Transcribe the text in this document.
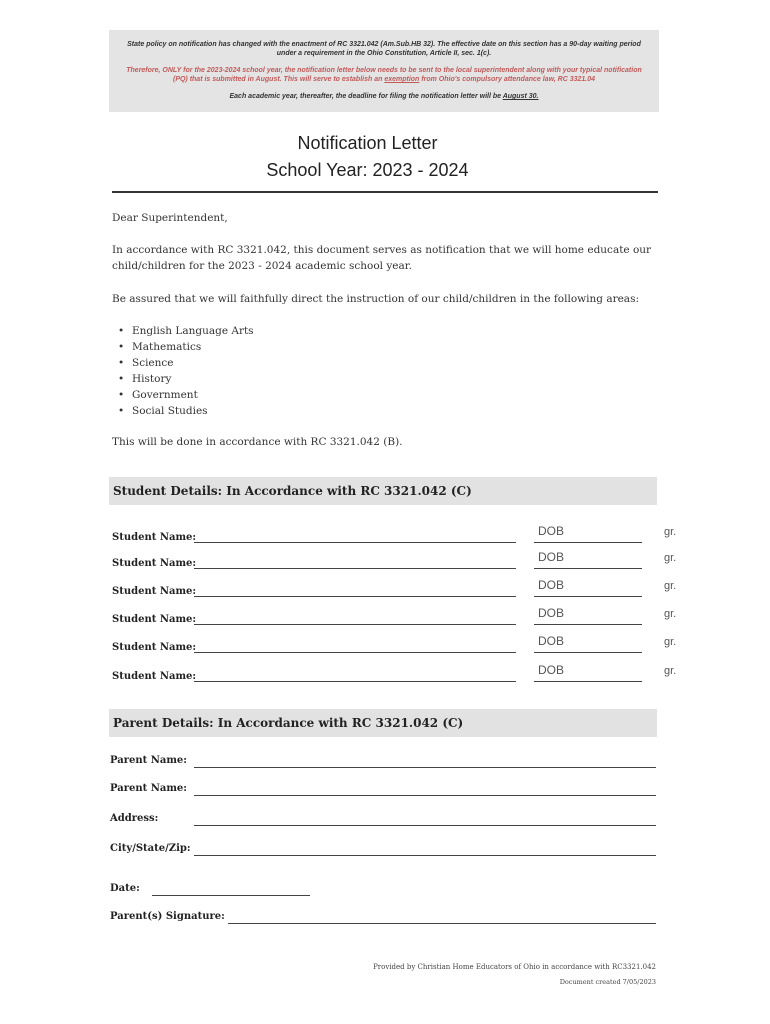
State policy on notification has changed with the enactment of RC 3321.042 (Am.Sub.HB 32). The effective date on this section has a 90-day waiting period under a requirement in the Ohio Constitution, Article II, sec. 1(c).
Therefore, ONLY for the 2023-2024 school year, the notification letter below needs to be sent to the local superintendent along with your typical notification (PQ) that is submitted in August. This will serve to establish an exemption from Ohio's compulsory attendance law, RC 3321.04
Each academic year, thereafter, the deadline for filing the notification letter will be August 30.
Notification Letter
School Year: 2023 - 2024
Dear Superintendent,
In accordance with RC 3321.042, this document serves as notification that we will home educate our child/children for the 2023 - 2024 academic school year.
Be assured that we will faithfully direct the instruction of our child/children in the following areas:
• English Language Arts
• Mathematics
• Science
• History
• Government
• Social Studies
This will be done in accordance with RC 3321.042 (B).
Student Details: In Accordance with RC 3321.042 (C)
Student Name:	DOB	gr.
Student Name:	DOB	gr.
Student Name:	DOB	gr.
Student Name:	DOB	gr.
Student Name:	DOB	gr.
Student Name:	DOB	gr.
Parent Details: In Accordance with RC 3321.042 (C)
Parent Name:
Parent Name:
Address:
City/State/Zip:
Date:
Parent(s) Signature:
Provided by Christian Home Educators of Ohio in accordance with RC3321.042
Document created 7/05/2023
